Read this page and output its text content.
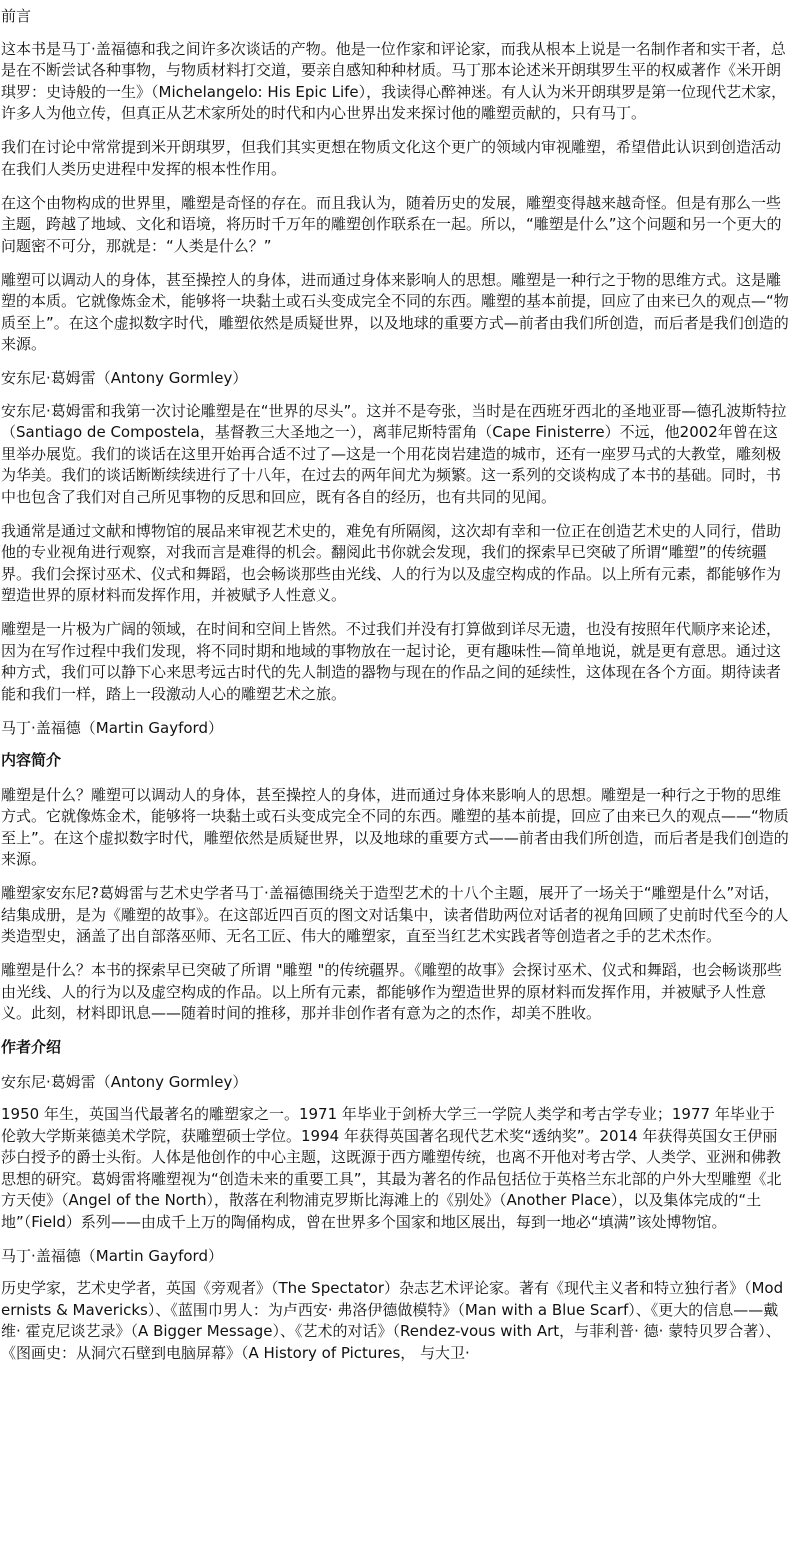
前言

这本书是马丁·盖福德和我之间许多次谈话的产物。他是一位作家和评论家，而我从根本上说是一名制作者和实干者，总是在不断尝试各种事物，与物质材料打交道，要亲自感知种种材质。马丁那本论述米开朗琪罗生平的权威著作《米开朗琪罗：史诗般的一生》（Michelangelo: His Epic Life），我读得心醉神迷。有人认为米开朗琪罗是第一位现代艺术家，许多人为他立传，但真正从艺术家所处的时代和内心世界出发来探讨他的雕塑贡献的，只有马丁。

我们在讨论中常常提到米开朗琪罗，但我们其实更想在物质文化这个更广的领域内审视雕塑，希望借此认识到创造活动在我们人类历史进程中发挥的根本性作用。

在这个由物构成的世界里，雕塑是奇怪的存在。而且我认为，随着历史的发展，雕塑变得越来越奇怪。但是有那么一些主题，跨越了地域、文化和语境，将历时千万年的雕塑创作联系在一起。所以，“雕塑是什么”这个问题和另一个更大的问题密不可分，那就是：“人类是什么？”

雕塑可以调动人的身体，甚至操控人的身体，进而通过身体来影响人的思想。雕塑是一种行之于物的思维方式。这是雕塑的本质。它就像炼金术，能够将一块黏土或石头变成完全不同的东西。雕塑的基本前提，回应了由来已久的观点—“物质至上”。在这个虚拟数字时代，雕塑依然是质疑世界，以及地球的重要方式—前者由我们所创造，而后者是我们创造的来源。

安东尼·葛姆雷（Antony Gormley）

安东尼·葛姆雷和我第一次讨论雕塑是在“世界的尽头”。这并不是夸张，当时是在西班牙西北的圣地亚哥—德孔波斯特拉（Santiago de Compostela，基督教三大圣地之一），离菲尼斯特雷角（Cape Finisterre）不远，他2002年曾在这里举办展览。我们的谈话在这里开始再合适不过了—这是一个用花岗岩建造的城市，还有一座罗马式的大教堂，雕刻极为华美。我们的谈话断断续续进行了十八年，在过去的两年间尤为频繁。这一系列的交谈构成了本书的基础。同时，书中也包含了我们对自己所见事物的反思和回应，既有各自的经历，也有共同的见闻。

我通常是通过文献和博物馆的展品来审视艺术史的，难免有所隔阂，这次却有幸和一位正在创造艺术史的人同行，借助他的专业视角进行观察，对我而言是难得的机会。翻阅此书你就会发现，我们的探索早已突破了所谓“雕塑”的传统疆界。我们会探讨巫术、仪式和舞蹈，也会畅谈那些由光线、人的行为以及虚空构成的作品。以上所有元素，都能够作为塑造世界的原材料而发挥作用，并被赋予人性意义。

雕塑是一片极为广阔的领域，在时间和空间上皆然。不过我们并没有打算做到详尽无遗，也没有按照年代顺序来论述，因为在写作过程中我们发现，将不同时期和地域的事物放在一起讨论，更有趣味性—简单地说，就是更有意思。通过这种方式，我们可以静下心来思考远古时代的先人制造的器物与现在的作品之间的延续性，这体现在各个方面。期待读者能和我们一样，踏上一段激动人心的雕塑艺术之旅。

马丁·盖福德（Martin Gayford）

内容简介

雕塑是什么？雕塑可以调动人的身体，甚至操控人的身体，进而通过身体来影响人的思想。雕塑是一种行之于物的思维方式。它就像炼金术，能够将一块黏土或石头变成完全不同的东西。雕塑的基本前提，回应了由来已久的观点——“物质至上”。在这个虚拟数字时代，雕塑依然是质疑世界，以及地球的重要方式——前者由我们所创造，而后者是我们创造的来源。

雕塑家安东尼?葛姆雷与艺术史学者马丁·盖福德围绕关于造型艺术的十八个主题，展开了一场关于“雕塑是什么”对话，结集成册，是为《雕塑的故事》。在这部近四百页的图文对话集中，读者借助两位对话者的视角回顾了史前时代至今的人类造型史，涵盖了出自部落巫师、无名工匠、伟大的雕塑家，直至当红艺术实践者等创造者之手的艺术杰作。

雕塑是什么？本书的探索早已突破了所谓 "雕塑 "的传统疆界。《雕塑的故事》会探讨巫术、仪式和舞蹈，也会畅谈那些由光线、人的行为以及虚空构成的作品。以上所有元素，都能够作为塑造世界的原材料而发挥作用，并被赋予人性意义。此刻，材料即讯息——随着时间的推移，那并非创作者有意为之的杰作，却美不胜收。

作者介绍

安东尼·葛姆雷（Antony Gormley）

1950 年生，英国当代最著名的雕塑家之一。1971 年毕业于剑桥大学三一学院人类学和考古学专业；1977 年毕业于伦敦大学斯莱德美术学院，获雕塑硕士学位。1994 年获得英国著名现代艺术奖“透纳奖”。2014 年获得英国女王伊丽莎白授予的爵士头衔。人体是他创作的中心主题，这既源于西方雕塑传统，也离不开他对考古学、人类学、亚洲和佛教思想的研究。葛姆雷将雕塑视为“创造未来的重要工具”，其最为著名的作品包括位于英格兰东北部的户外大型雕塑《北方天使》（Angel of the North），散落在利物浦克罗斯比海滩上的《别处》（Another Place），以及集体完成的“土地”（Field）系列——由成千上万的陶俑构成，曾在世界多个国家和地区展出，每到一地必“填满”该处博物馆。

马丁·盖福德（Martin Gayford）

历史学家，艺术史学者，英国《旁观者》（The Spectator）杂志艺术评论家。著有《现代主义者和特立独行者》（Modernists & Mavericks）、《蓝围巾男人：为卢西安· 弗洛伊德做模特》（Man with a Blue Scarf）、《更大的信息——戴维· 霍克尼谈艺录》（A Bigger Message）、《艺术的对话》（Rendez-vous with Art，与菲利普· 德· 蒙特贝罗合著）、《图画史：从洞穴石壁到电脑屏幕》（A History of Pictures， 与大卫·
